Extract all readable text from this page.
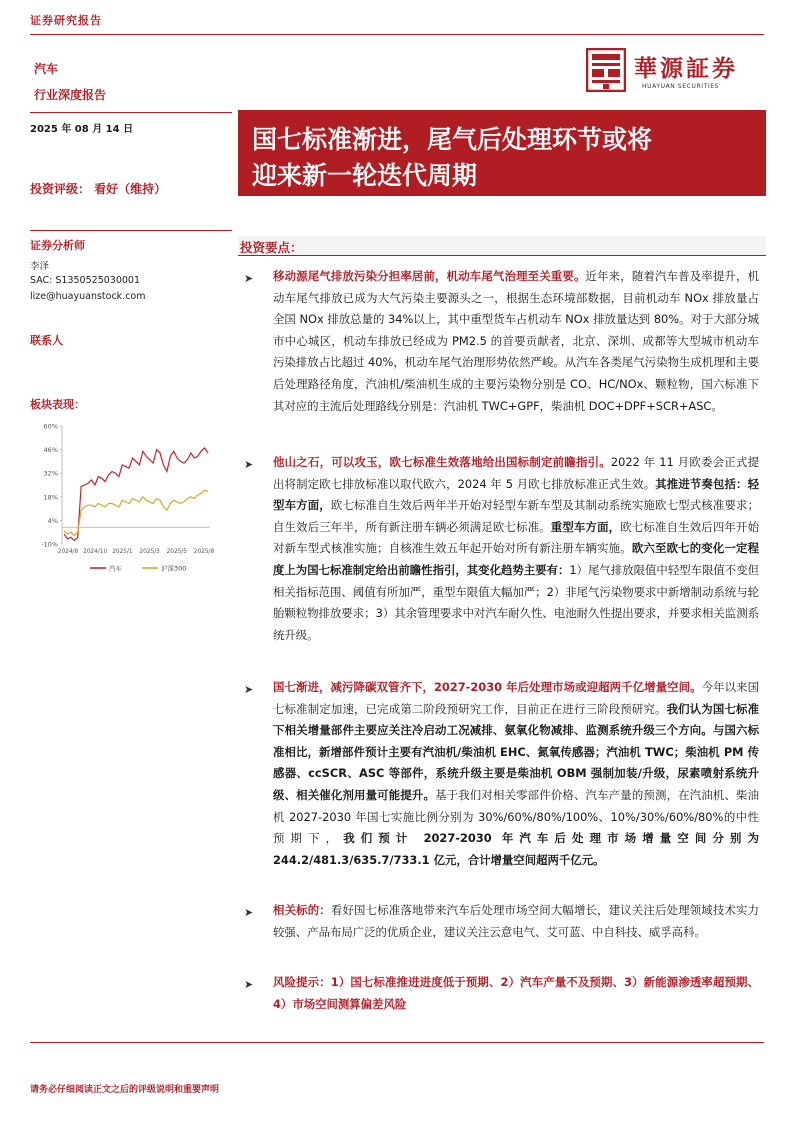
证券研究报告
汽车
行业深度报告
華源証券
HUAYUAN SECURITIES
2025 年 08 月 14 日
投资评级： 看好（维持）
证券分析师
李泽
SAC: S1350525030001
lize@huayuanstock.com
联系人
板块表现：
60%
46%
32%
18%
4%
-10%
2024/8 2024/10 2025/1 2025/3 2025/5 2025/8
汽车	沪深300
国七标准渐进，尾气后处理环节或将
迎来新一轮迭代周期
投资要点：
➤ 移动源尾气排放污染分担率居前，机动车尾气治理至关重要。近年来，随着汽车普及率提升，机动车尾气排放已成为大气污染主要源头之一，根据生态环境部数据，目前机动车 NOx 排放量占全国 NOx 排放总量的 34%以上，其中重型货车占机动车 NOx 排放量达到 80%。对于大部分城市中心城区，机动车排放已经成为 PM2.5 的首要贡献者，北京、深圳、成都等大型城市机动车污染排放占比超过 40%，机动车尾气治理形势依然严峻。从汽车各类尾气污染物生成机理和主要后处理路径角度，汽油机/柴油机生成的主要污染物分别是 CO、HC/NOx、颗粒物，国六标准下其对应的主流后处理路线分别是：汽油机 TWC+GPF，柴油机 DOC+DPF+SCR+ASC。
➤ 他山之石，可以攻玉，欧七标准生效落地给出国标制定前瞻指引。2022 年 11 月欧委会正式提出将制定欧七排放标准以取代欧六，2024 年 5 月欧七排放标准正式生效。其推进节奏包括：轻型车方面，欧七标准自生效后两年半开始对轻型车新车型及其制动系统实施欧七型式核准要求；自生效后三年半，所有新注册车辆必须满足欧七标准。重型车方面，欧七标准自生效后四年开始对新车型式核准实施；自核准生效五年起开始对所有新注册车辆实施。欧六至欧七的变化一定程度上为国七标准制定给出前瞻性指引，其变化趋势主要有：1）尾气排放限值中轻型车限值不变但相关指标范围、阈值有所加严，重型车限值大幅加严；2）非尾气污染物要求中新增制动系统与轮胎颗粒物排放要求；3）其余管理要求中对汽车耐久性、电池耐久性提出要求，并要求相关监测系统升级。
➤ 国七渐进，减污降碳双管齐下，2027-2030 年后处理市场或迎超两千亿增量空间。今年以来国七标准制定加速，已完成第二阶段预研究工作，目前正在进行三阶段预研究。我们认为国七标准下相关增量部件主要应关注冷启动工况减排、氨氧化物减排、监测系统升级三个方向。与国六标准相比，新增部件预计主要有汽油机/柴油机 EHC、氮氧传感器；汽油机 TWC；柴油机 PM 传感器、ccSCR、ASC 等部件，系统升级主要是柴油机 OBM 强制加装/升级，尿素喷射系统升级、相关催化剂用量可能提升。基于我们对相关零部件价格、汽车产量的预测，在汽油机、柴油机 2027-2030 年国七实施比例分别为 30%/60%/80%/100%、10%/30%/60%/80%的中性预期下，我们预计 2027-2030 年汽车后处理市场增量空间分别为 244.2/481.3/635.7/733.1 亿元，合计增量空间超两千亿元。
➤ 相关标的：看好国七标准落地带来汽车后处理市场空间大幅增长，建议关注后处理领域技术实力较强、产品布局广泛的优质企业，建议关注云意电气、艾可蓝、中自科技、威孚高科。
➤ 风险提示：1）国七标准推进进度低于预期、2）汽车产量不及预期、3）新能源渗透率超预期、4）市场空间测算偏差风险
请务必仔细阅读正文之后的评级说明和重要声明
